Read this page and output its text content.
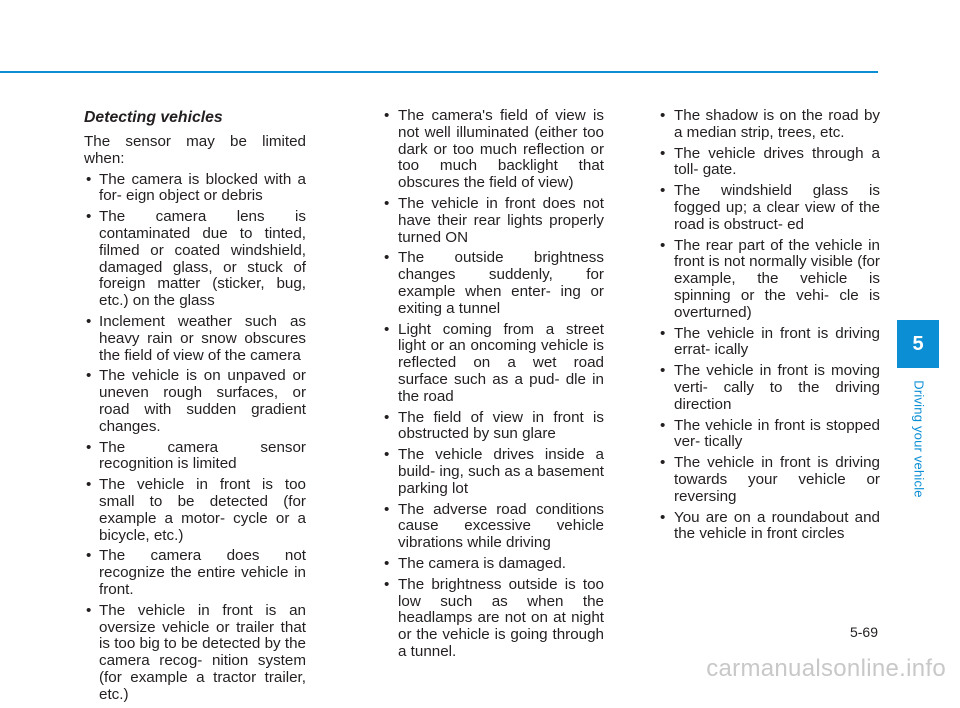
Detecting vehicles

The sensor may be limited when:

• The camera is blocked with a for- eign object or debris
• The camera lens is contaminated due to tinted, filmed or coated windshield, damaged glass, or stuck of foreign matter (sticker, bug, etc.) on the glass
• Inclement weather such as heavy rain or snow obscures the field of view of the camera
• The vehicle is on unpaved or uneven rough surfaces, or road with sudden gradient changes.
• The camera sensor recognition is limited
• The vehicle in front is too small to be detected (for example a motor- cycle or a bicycle, etc.)
• The camera does not recognize the entire vehicle in front.
• The vehicle in front is an oversize vehicle or trailer that is too big to be detected by the camera recog- nition system (for example a tractor trailer, etc.)
• The camera's field of view is not well illuminated (either too dark or too much reflection or too much backlight that obscures the field of view)
• The vehicle in front does not have their rear lights properly turned ON
• The outside brightness changes suddenly, for example when enter- ing or exiting a tunnel
• Light coming from a street light or an oncoming vehicle is reflected on a wet road surface such as a pud- dle in the road
• The field of view in front is obstructed by sun glare
• The vehicle drives inside a build- ing, such as a basement parking lot
• The adverse road conditions cause excessive vehicle vibrations while driving
• The camera is damaged.
• The brightness outside is too low such as when the headlamps are not on at night or the vehicle is going through a tunnel.
• The shadow is on the road by a median strip, trees, etc.
• The vehicle drives through a toll- gate.
• The windshield glass is fogged up; a clear view of the road is obstruct- ed
• The rear part of the vehicle in front is not normally visible (for example, the vehicle is spinning or the vehi- cle is overturned)
• The vehicle in front is driving errat- ically
• The vehicle in front is moving verti- cally to the driving direction
• The vehicle in front is stopped ver- tically
• The vehicle in front is driving towards your vehicle or reversing
• You are on a roundabout and the vehicle in front circles
5
Driving your vehicle
5-69
carmanualsonline.info
